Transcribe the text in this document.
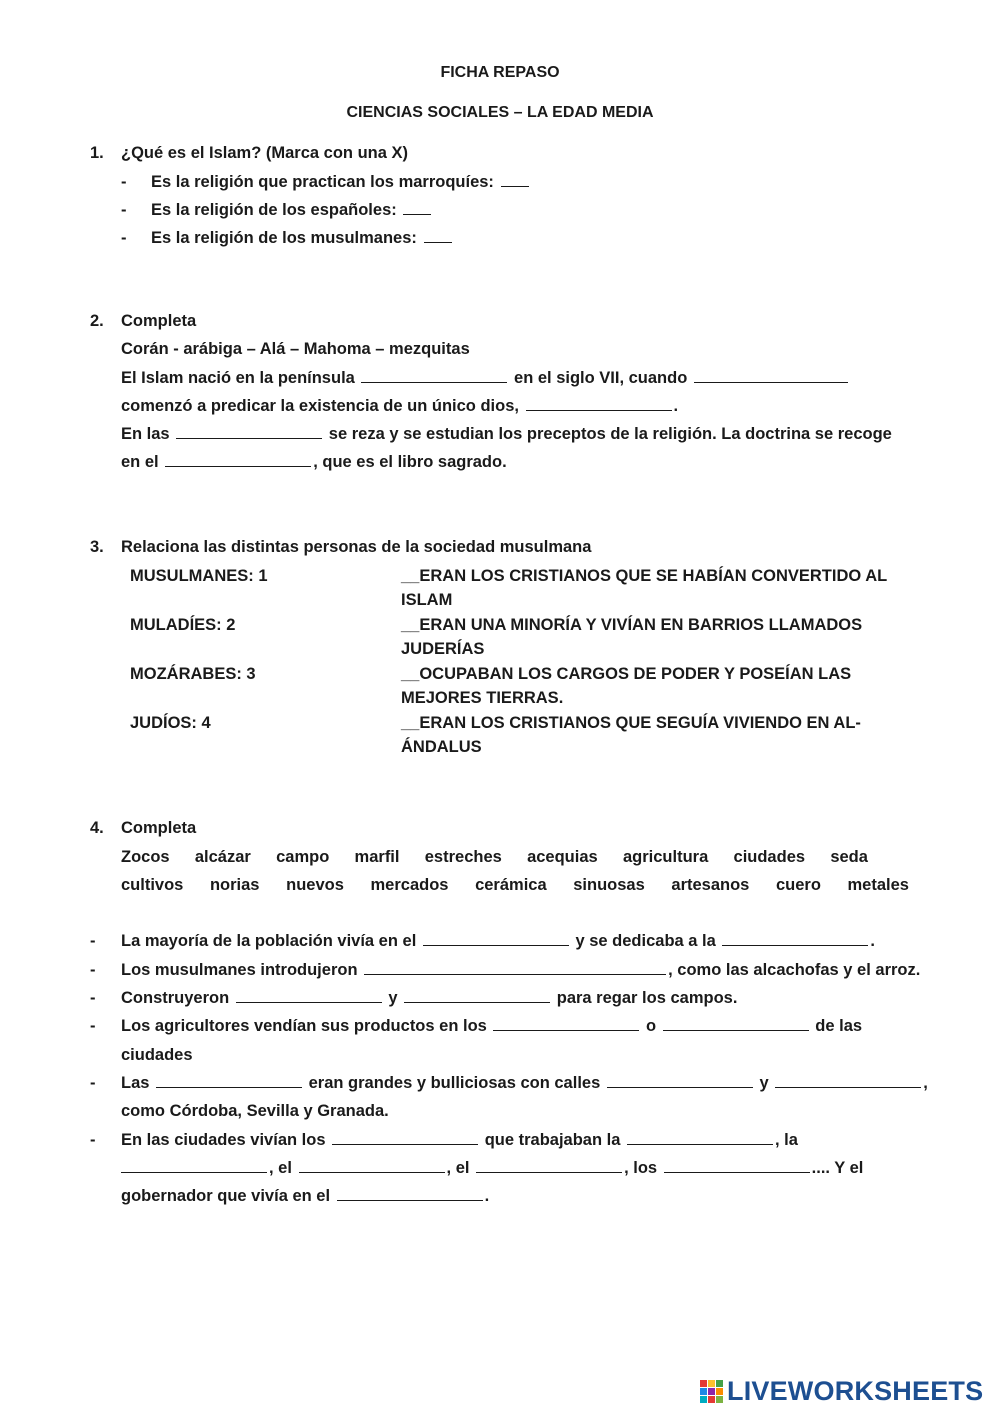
FICHA REPASO
CIENCIAS SOCIALES – LA EDAD MEDIA
1. ¿Qué es el Islam? (Marca con una X)
- Es la religión que practican los marroquíes:
- Es la religión de los españoles:
- Es la religión de los musulmanes:
2. Completa
Corán - arábiga – Alá – Mahoma – mezquitas
El Islam nació en la península	en el siglo VII, cuando
comenzó a predicar la existencia de un único dios,	.
En las	se reza y se estudian los preceptos de la religión. La doctrina se recoge
en el	, que es el libro sagrado.
3. Relaciona las distintas personas de la sociedad musulmana
MUSULMANES: 1	__ERAN LOS CRISTIANOS QUE SE HABÍAN CONVERTIDO AL
ISLAM
MULADÍES: 2	__ERAN UNA MINORÍA Y VIVÍAN EN BARRIOS LLAMADOS
JUDERÍAS
MOZÁRABES: 3	__OCUPABAN LOS CARGOS DE PODER Y POSEÍAN LAS
MEJORES TIERRAS.
JUDÍOS: 4	__ERAN LOS CRISTIANOS QUE SEGUÍA VIVIENDO EN AL-
ÁNDALUS
4. Completa
Zocos alcázar campo marfil estreches acequias agricultura ciudades seda
cultivos norias nuevos mercados cerámica sinuosas artesanos cuero metales
- La mayoría de la población vivía en el	y se dedicaba a la	.
- Los musulmanes introdujeron	, como las alcachofas y el arroz.
- Construyeron	y	para regar los campos.
- Los agricultores vendían sus productos en los	o	de las
ciudades
- Las	eran grandes y bulliciosas con calles	y	,
como Córdoba, Sevilla y Granada.
- En las ciudades vivían los	que trabajaban la	, la
, el	, el	, los	.... Y el
gobernador que vivía en el	.
LIVEWORKSHEETS
